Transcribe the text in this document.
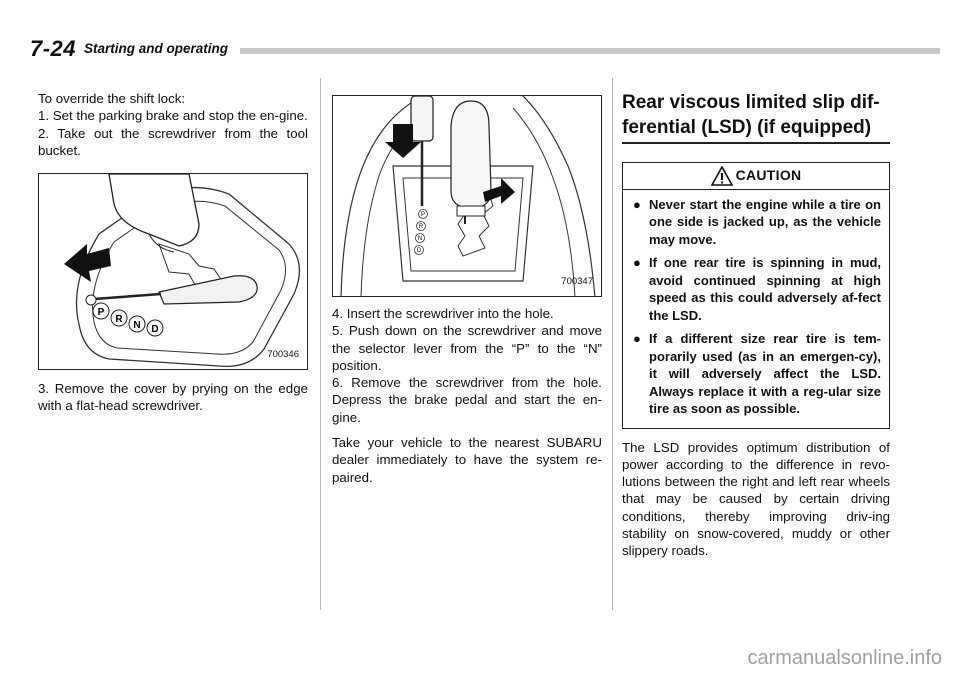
7-24 Starting and operating

To override the shift lock:

1. Set the parking brake and stop the en-gine.

2. Take out the screwdriver from the tool bucket.

P
R
N D
700346

3. Remove the cover by prying on the edge with a flat-head screwdriver.

P
R
N
D
700347

4. Insert the screwdriver into the hole.

5. Push down on the screwdriver and move the selector lever from the “P” to the “N” position.

6. Remove the screwdriver from the hole. Depress the brake pedal and start the en-gine.

Take your vehicle to the nearest SUBARU dealer immediately to have the system re-paired.

Rear viscous limited slip dif-ferential (LSD) (if equipped)
CAUTION
● Never start the engine while a tire on one side is jacked up, as the vehicle may move.
● If one rear tire is spinning in mud, avoid continued spinning at high speed as this could adversely af-fect the LSD.
● If a different size rear tire is tem-porarily used (as in an emergen-cy), it will adversely affect the LSD. Always replace it with a reg-ular size tire as soon as possible.

The LSD provides optimum distribution of power according to the difference in revo-lutions between the right and left rear wheels that may be caused by certain driving conditions, thereby improving driv-ing stability on snow-covered, muddy or other slippery roads.

carmanualsonline.info
